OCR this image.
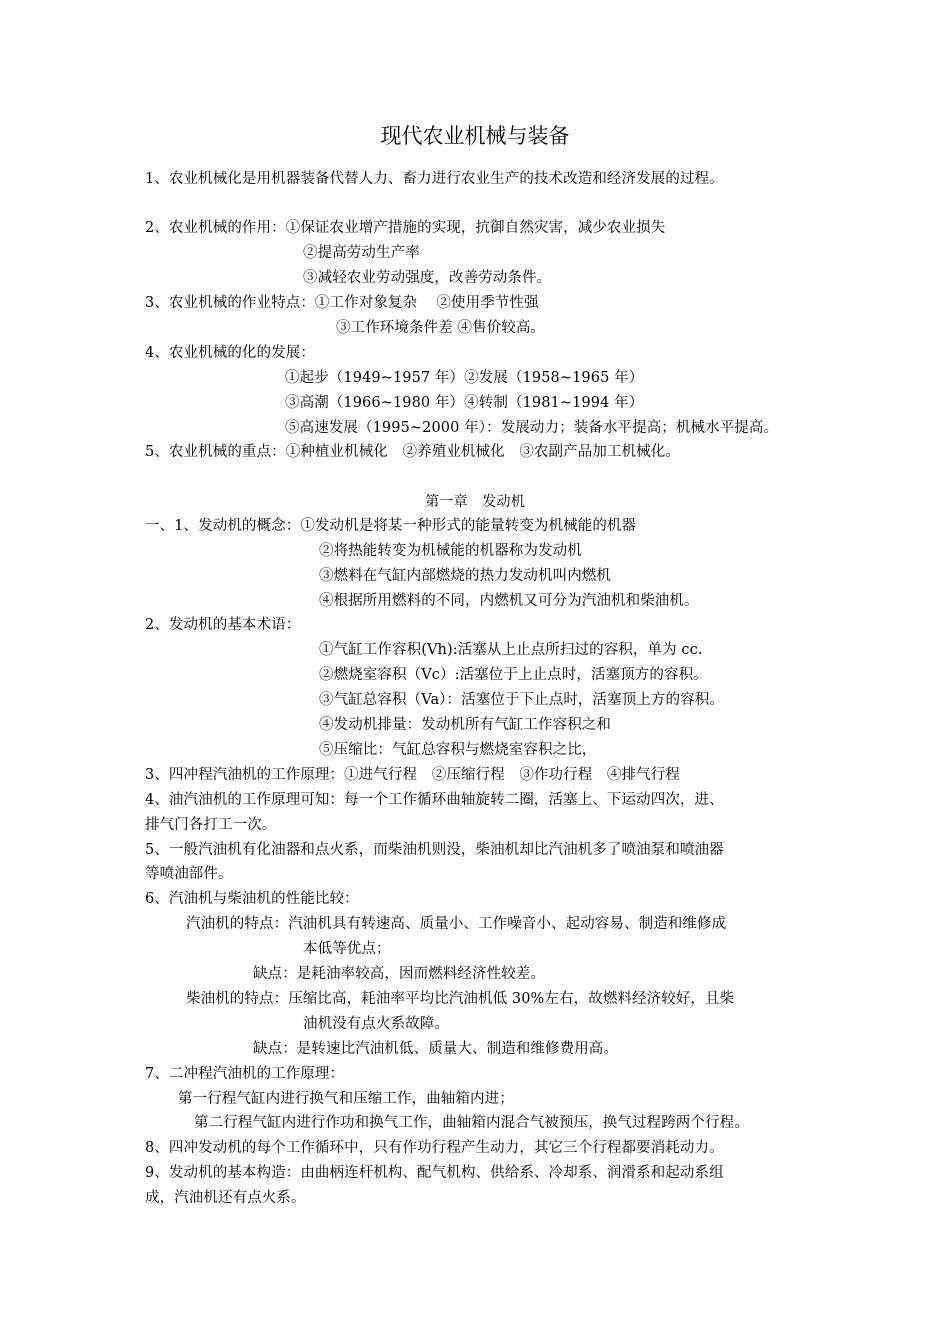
现代农业机械与装备
1、农业机械化是用机器装备代替人力、畜力进行农业生产的技术改造和经济发展的过程。
2、农业机械的作用：①保证农业增产措施的实现，抗御自然灾害，减少农业损失
②提高劳动生产率
③减轻农业劳动强度，改善劳动条件。
3、农业机械的作业特点：①工作对象复杂　 ②使用季节性强
③工作环境条件差 ④售价较高。
4、农业机械的化的发展：
①起步（1949~1957 年）②发展（1958~1965 年）
③高潮（1966~1980 年）④转制（1981~1994 年）
⑤高速发展（1995~2000 年）：发展动力；装备水平提高；机械水平提高。
5、农业机械的重点：①种植业机械化　②养殖业机械化　③农副产品加工机械化。
第一章　发动机
一、1、发动机的概念：①发动机是将某一种形式的能量转变为机械能的机器
②将热能转变为机械能的机器称为发动机
③燃料在气缸内部燃烧的热力发动机叫内燃机
④根据所用燃料的不同，内燃机又可分为汽油机和柴油机。
2、发动机的基本术语：
①气缸工作容积(Vh):活塞从上止点所扫过的容积，单为 cc.
②燃烧室容积（Vc）:活塞位于上止点时，活塞顶方的容积。
③气缸总容积（Va）：活塞位于下止点时，活塞顶上方的容积。
④发动机排量：发动机所有气缸工作容积之和
⑤压缩比：气缸总容积与燃烧室容积之比，
3、四冲程汽油机的工作原理：①进气行程　②压缩行程　③作功行程　④排气行程
4、油汽油机的工作原理可知：每一个工作循环曲轴旋转二圈，活塞上、下运动四次，进、
排气门各打工一次。
5、一般汽油机有化油器和点火系，而柴油机则没，柴油机却比汽油机多了喷油泵和喷油器
等喷油部件。
6、汽油机与柴油机的性能比较：
汽油机的特点：汽油机具有转速高、质量小、工作噪音小、起动容易、制造和维修成
本低等优点；
缺点：是耗油率较高，因而燃料经济性较差。
柴油机的特点：压缩比高，耗油率平均比汽油机低 30%左右，故燃料经济较好，且柴
油机没有点火系故障。
缺点：是转速比汽油机低、质量大、制造和维修费用高。
7、二冲程汽油机的工作原理：
第一行程气缸内进行换气和压缩工作，曲轴箱内进；
第二行程气缸内进行作功和换气工作，曲轴箱内混合气被预压，换气过程跨两个行程。
8、四冲发动机的每个工作循环中，只有作功行程产生动力，其它三个行程都要消耗动力。
9、发动机的基本构造：由曲柄连杆机构、配气机构、供给系、冷却系、润滑系和起动系组
成，汽油机还有点火系。
